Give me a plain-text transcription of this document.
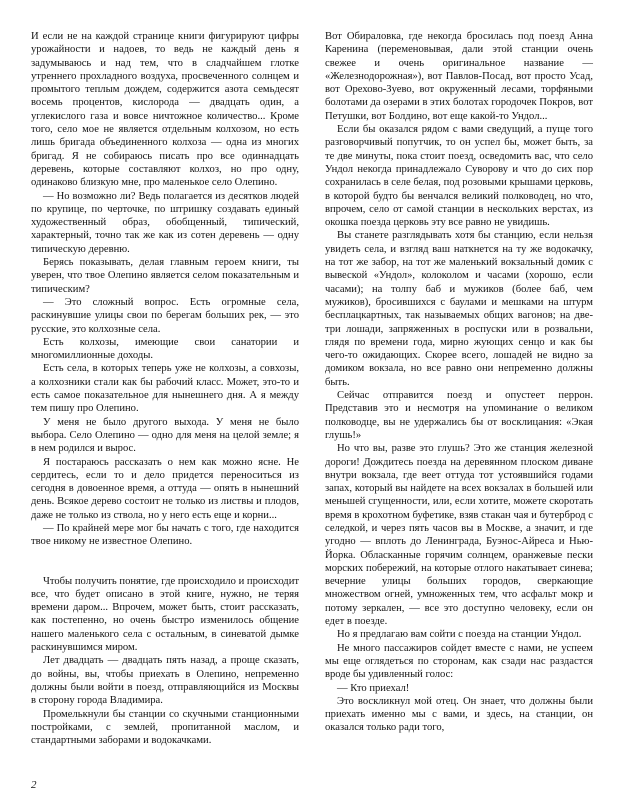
И если не на каждой странице книги фигурируют цифры урожайности и надоев, то ведь не каждый день я задумываюсь и над тем, что в сладчайшем глотке утреннего прохладного воздуха, просвеченного солнцем и промытого теплым дождем, содержится азота семьдесят восемь процентов, кислорода — двадцать один, а углекислого газа и вовсе ничтожное количество... Кроме того, село мое не является отдельным колхозом, но есть лишь бригада объединенного колхоза — одна из многих бригад. Я не собираюсь писать про все одиннадцать деревень, которые составляют колхоз, но про одну, одинаково близкую мне, про маленькое село Олепино.

— Но возможно ли? Ведь полагается из десятков людей по крупице, по черточке, по штришку создавать единый художественный образ, обобщенный, типический, характерный, точно так же как из сотен деревень — одну типическую деревню.

Берясь показывать, делая главным героем книги, ты уверен, что твое Олепино является селом показательным и типическим?

— Это сложный вопрос. Есть огромные села, раскинувшие улицы свои по берегам больших рек, — это русские, это колхозные села.

Есть колхозы, имеющие свои санатории и многомиллионные доходы.

Есть села, в которых теперь уже не колхозы, а совхозы, а колхозники стали как бы рабочий класс. Может, это-то и есть самое показательное для нынешнего дня. А я между тем пишу про Олепино.

У меня не было другого выхода. У меня не было выбора. Село Олепино — одно для меня на целой земле; я в нем родился и вырос.

Я постараюсь рассказать о нем как можно ясне. Не сердитесь, если то и дело придется переноситься из сегодня в довоенное время, а оттуда — опять в нынешний день. Всякое дерево состоит не только из листвы и плодов, даже не только из ствола, но у него есть еще и корни...

— По крайней мере мог бы начать с того, где находится твое никому не известное Олепино.

Чтобы получить понятие, где происходило и происходит все, что будет описано в этой книге, нужно, не теряя времени даром... Впрочем, может быть, стоит рассказать, как постепенно, но очень быстро изменилось общение нашего маленького села с остальным, в синеватой дымке раскинувшимся миром.

Лет двадцать — двадцать пять назад, а проще сказать, до войны, вы, чтобы приехать в Олепино, непременно должны были войти в поезд, отправляющийся из Москвы в сторону города Владимира.

Промелькнули бы станции со скучными станционными постройками, с землей, пропитанной маслом, и стандартными заборами и водокачками.

Вот Обираловка, где некогда бросилась под поезд Анна Каренина (переменовывая, дали этой станции очень свежее и очень оригинальное название — «Железнодорожная»), вот Павлов-Посад, вот просто Усад, вот Орехово-Зуево, вот окруженный лесами, торфяными болотами да озерами в этих болотах городочек Покров, вот Петушки, вот Болдино, вот еще какой-то Ундол...

Если бы оказался рядом с вами сведущий, а пуще того разговорчивый попутчик, то он успел бы, может быть, за те две минуты, пока стоит поезд, осведомить вас, что село Ундол некогда принадлежало Суворову и что до сих пор сохранилась в селе белая, под розовыми крышами церковь, в которой будто бы венчался великий полководец, но что, впрочем, село от самой станции в нескольких верстах, из окошка поезда церковь эту все равно не увидишь.

Вы станете разглядывать хотя бы станцию, если нельзя увидеть села, и взгляд ваш наткнется на ту же водокачку, на тот же забор, на тот же маленький вокзальный домик с вывеской «Ундол», колоколом и часами (хорошо, если часами); на толпу баб и мужиков (более баб, чем мужиков), бросившихся с баулами и мешками на штурм бесплацкартных, так называемых общих вагонов; на две-три лошади, запряженных в роспуски или в розвальни, глядя по времени года, мирно жующих сенцо и как бы чего-то ожидающих. Скорее всего, лошадей не видно за домиком вокзала, но все равно они непременно должны быть.

Сейчас отправится поезд и опустеет перрон. Представив это и несмотря на упоминание о великом полководце, вы не удержались бы от восклицания: «Экая глушь!»

Но что вы, разве это глушь? Это же станция железной дороги! Дождитесь поезда на деревянном плоском диване внутри вокзала, где веет оттуда тот устоявшийся годами запах, который вы найдете на всех вокзалах в большей или меньшей сгущенности, или, если хотите, можете скоротать время в крохотном буфетике, взяв стакан чая и бутерброд с селедкой, и через пять часов вы в Москве, а значит, и где угодно — вплоть до Ленинграда, Буэнос-Айреса и Нью-Йорка. Обласканные горячим солнцем, оранжевые пески морских побережий, на которые отлого накатывает синева; вечерние улицы больших городов, сверкающие множеством огней, умноженных тем, что асфальт мокр и потому зеркален, — все это доступно человеку, если он едет в поезде.

Но я предлагаю вам сойти с поезда на станции Ундол.

Не много пассажиров сойдет вместе с нами, не успеем мы еще оглядеться по сторонам, как сзади нас раздастся вроде бы удивленный голос:

— Кто приехал!

Это воскликнул мой отец. Он знает, что должны были приехать именно мы с вами, и здесь, на станции, он оказался только ради того,

2
